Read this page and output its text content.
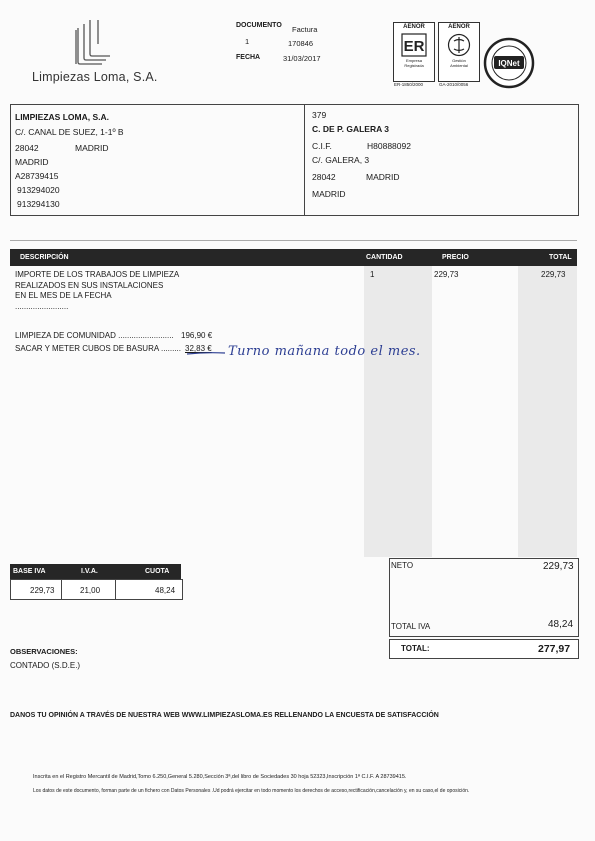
Limpiezas Loma, S.A.
DOCUMENTO Factura
1	170846
FECHA	31/03/2017
AENOR
ER
Empresa
Registrada
ER-1850/2000
AENOR
Gestión
Ambiental
GA-2010/0056
IQNet
LIMPIEZAS LOMA, S.A.
C/. CANAL DE SUEZ, 1-1º B
28042	MADRID
MADRID
A28739415
913294020
913294130
379
C. DE P. GALERA 3
C.I.F.	H80888092
C/. GALERA, 3
28042	MADRID
MADRID
DESCRIPCIÓN	CANTIDAD	PRECIO	TOTAL
IMPORTE DE LOS TRABAJOS DE LIMPIEZA
REALIZADOS EN SUS INSTALACIONES
EN EL MES DE LA FECHA
........................
1	229,73	229,73
LIMPIEZA DE COMUNIDAD ......................... 196,90 €
SACAR Y METER CUBOS DE BASURA ......... 32,83 € Turno mañana todo el mes.
BASE IVA	I.V.A.	CUOTA
229,73	21,00	48,24
NETO	229,73
TOTAL IVA	48,24
TOTAL:	277,97
OBSERVACIONES:
CONTADO (S.D.E.)
DANOS TU OPINIÓN A TRAVÉS DE NUESTRA WEB WWW.LIMPIEZASLOMA.ES RELLENANDO LA ENCUESTA DE SATISFACCIÓN
Inscrita en el Registro Mercantil de Madrid,Tomo 6.250,General 5.280,Sección 3ª,del libro de Sociedades 30 hoja 52323,Inscripción 1ª C.I.F. A 28739415.
Los datos de este documento, forman parte de un fichero con Datos Personales .Ud podrá ejercitar en todo momento los derechos de acceso,rectificación,cancelación y, en su caso,el de oposición.
